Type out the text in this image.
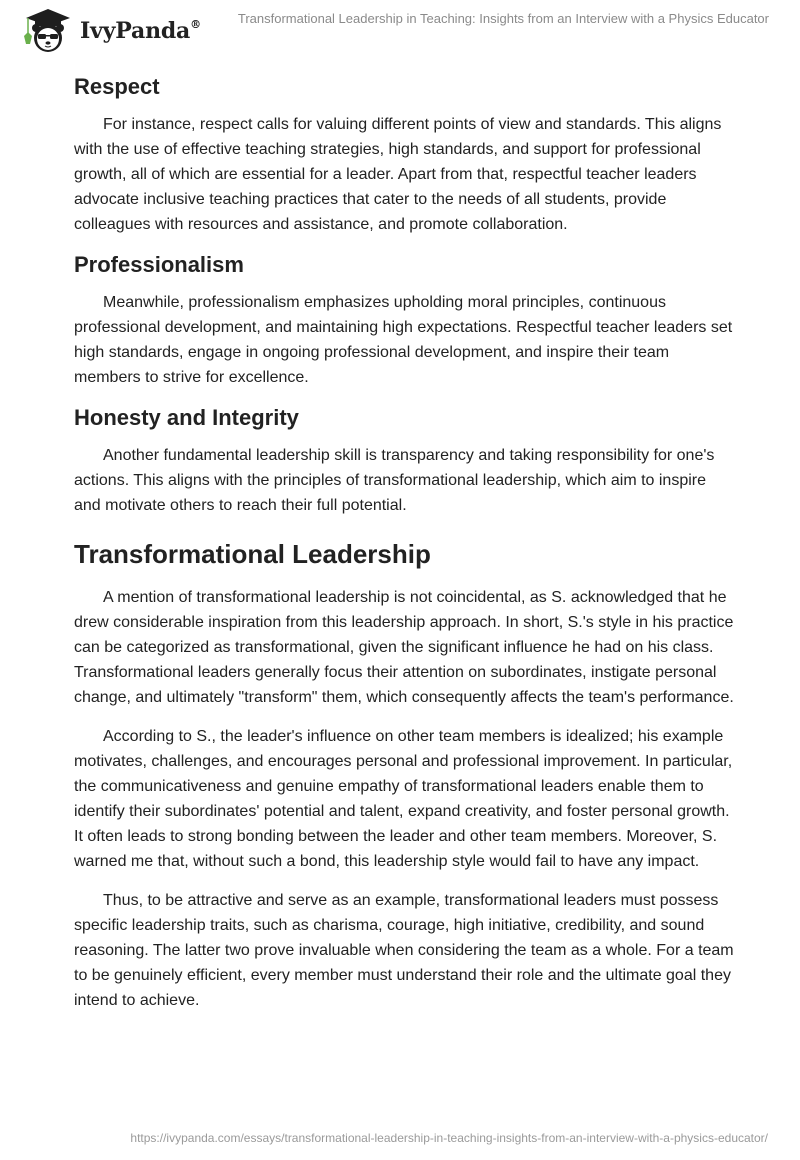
IvyPanda®	Transformational Leadership in Teaching: Insights from an Interview with a Physics Educator
Respect

For instance, respect calls for valuing different points of view and standards. This aligns with the use of effective teaching strategies, high standards, and support for professional growth, all of which are essential for a leader. Apart from that, respectful teacher leaders advocate inclusive teaching practices that cater to the needs of all students, provide colleagues with resources and assistance, and promote collaboration.

Professionalism

Meanwhile, professionalism emphasizes upholding moral principles, continuous professional development, and maintaining high expectations. Respectful teacher leaders set high standards, engage in ongoing professional development, and inspire their team members to strive for excellence.

Honesty and Integrity

Another fundamental leadership skill is transparency and taking responsibility for one's actions. This aligns with the principles of transformational leadership, which aim to inspire and motivate others to reach their full potential.

Transformational Leadership

A mention of transformational leadership is not coincidental, as S. acknowledged that he drew considerable inspiration from this leadership approach. In short, S.'s style in his practice can be categorized as transformational, given the significant influence he had on his class. Transformational leaders generally focus their attention on subordinates, instigate personal change, and ultimately "transform" them, which consequently affects the team's performance.

According to S., the leader's influence on other team members is idealized; his example motivates, challenges, and encourages personal and professional improvement. In particular, the communicativeness and genuine empathy of transformational leaders enable them to identify their subordinates' potential and talent, expand creativity, and foster personal growth. It often leads to strong bonding between the leader and other team members. Moreover, S. warned me that, without such a bond, this leadership style would fail to have any impact.

Thus, to be attractive and serve as an example, transformational leaders must possess specific leadership traits, such as charisma, courage, high initiative, credibility, and sound reasoning. The latter two prove invaluable when considering the team as a whole. For a team to be genuinely efficient, every member must understand their role and the ultimate goal they intend to achieve.

https://ivypanda.com/essays/transformational-leadership-in-teaching-insights-from-an-interview-with-a-physics-educator/
